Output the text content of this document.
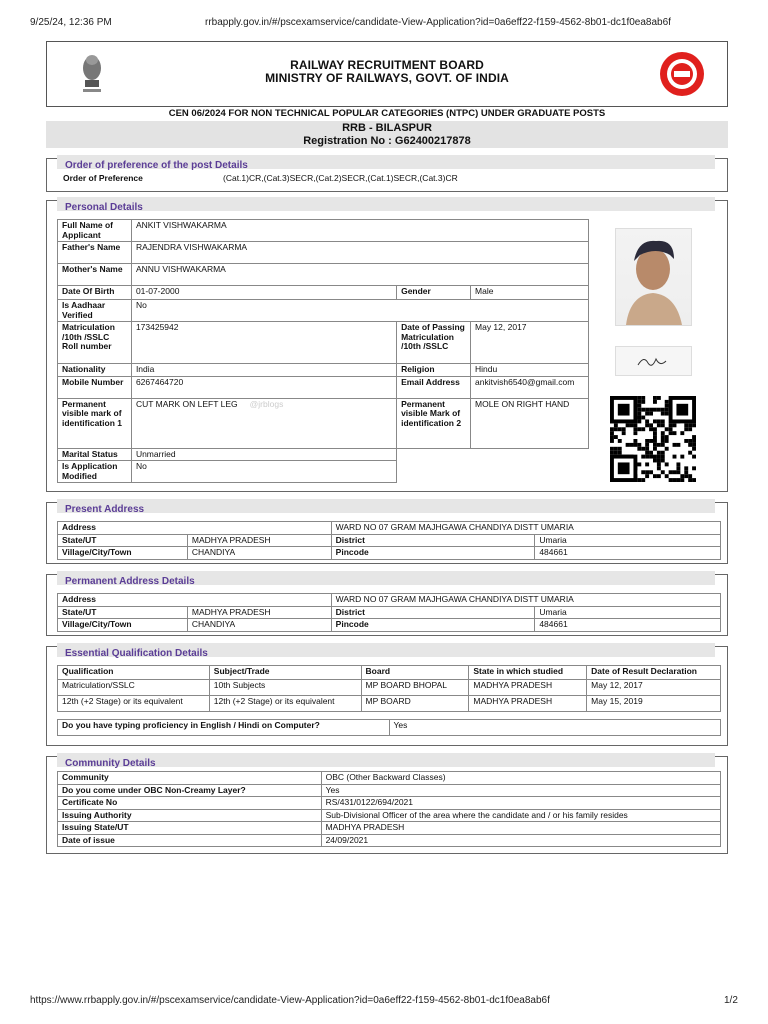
9/25/24, 12:36 PM	rrbapply.gov.in/#/pscexamservice/candidate-View-Application?id=0a6eff22-f159-4562-8b01-dc1f0ea8ab6f
RAILWAY RECRUITMENT BOARD
MINISTRY OF RAILWAYS, GOVT. OF INDIA
CEN 06/2024 FOR NON TECHNICAL POPULAR CATEGORIES (NTPC) UNDER GRADUATE POSTS
RRB - BILASPUR
Registration No : G62400217878
Order of preference of the post Details
Order of Preference	(Cat.1)CR,(Cat.3)SECR,(Cat.2)SECR,(Cat.1)SECR,(Cat.3)CR
Personal Details
Full Name of Applicant	ANKIT VISHWAKARMA		
Father's Name	RAJENDRA VISHWAKARMA		
Mother's Name	ANNU VISHWAKARMA		
Date Of Birth	01-07-2000	Gender	Male
Is Aadhaar Verified	No		
Matriculation /10th /SSLC Roll number	173425942	Date of Passing Matriculation /10th /SSLC	May 12, 2017
Nationality	India	Religion	Hindu
Mobile Number	6267464720	Email Address	ankitvish6540@gmail.com
Permanent visible mark of identification 1	CUT MARK ON LEFT LEG @jrblogs	Permanent visible Mark of identification 2	MOLE ON RIGHT HAND
Marital Status	Unmarried		
Is Application Modified	No		
Present Address
Address		WARD NO 07 GRAM MAJHGAWA CHANDIYA DISTT UMARIA	
State/UT	MADHYA PRADESH	District	Umaria
Village/City/Town	CHANDIYA	Pincode	484661
Permanent Address Details
Address		WARD NO 07 GRAM MAJHGAWA CHANDIYA DISTT UMARIA	
State/UT	MADHYA PRADESH	District	Umaria
Village/City/Town	CHANDIYA	Pincode	484661
Essential Qualification Details
Qualification	Subject/Trade	Board	State in which studied	Date of Result Declaration
Matriculation/SSLC	10th Subjects	MP BOARD BHOPAL	MADHYA PRADESH	May 12, 2017
12th (+2 Stage) or its equivalent	12th (+2 Stage) or its equivalent	MP BOARD	MADHYA PRADESH	May 15, 2019
Do you have typing proficiency in English / Hindi on Computer?	Yes
Community Details
Community	OBC (Other Backward Classes)
Do you come under OBC Non-Creamy Layer?	Yes
Certificate No	RS/431/0122/694/2021
Issuing Authority	Sub-Divisional Officer of the area where the candidate and / or his family resides
Issuing State/UT	MADHYA PRADESH
Date of issue	24/09/2021
https://www.rrbapply.gov.in/#/pscexamservice/candidate-View-Application?id=0a6eff22-f159-4562-8b01-dc1f0ea8ab6f	1/2
